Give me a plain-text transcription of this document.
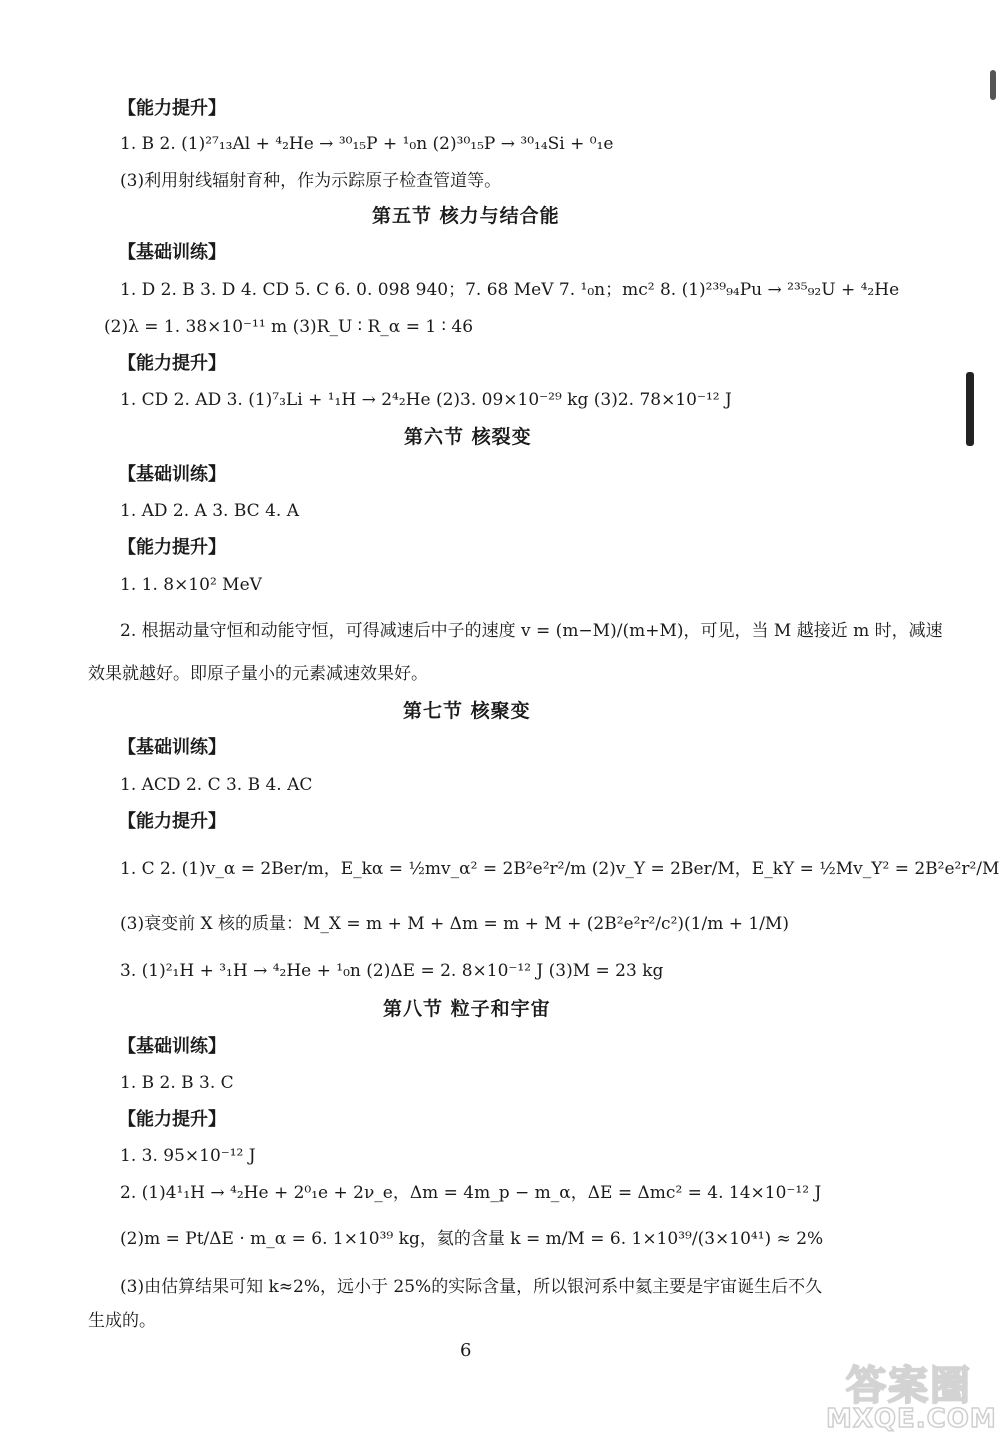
【能力提升】
1. B 2. (1)²⁷₁₃Al + ⁴₂He → ³⁰₁₅P + ¹₀n (2)³⁰₁₅P → ³⁰₁₄Si + ⁰₁e
(3)利用射线辐射育种，作为示踪原子检查管道等。
第五节 核力与结合能
【基础训练】
1. D 2. B 3. D 4. CD 5. C 6. 0. 098 940；7. 68 MeV 7. ¹₀n；mc² 8. (1)²³⁹₉₄Pu → ²³⁵₉₂U + ⁴₂He
(2)λ = 1. 38×10⁻¹¹ m (3)R_U ∶ R_α = 1 ∶ 46
【能力提升】
1. CD 2. AD 3. (1)⁷₃Li + ¹₁H → 2⁴₂He (2)3. 09×10⁻²⁹ kg (3)2. 78×10⁻¹² J
第六节 核裂变
【基础训练】
1. AD 2. A 3. BC 4. A
【能力提升】
1. 1. 8×10² MeV
2. 根据动量守恒和动能守恒，可得减速后中子的速度 v = (m−M)/(m+M)，可见，当 M 越接近 m 时，减速
效果就越好。即原子量小的元素减速效果好。
第七节 核聚变
【基础训练】
1. ACD 2. C 3. B 4. AC
【能力提升】
1. C 2. (1)v_α = 2Ber/m，E_kα = ½mv_α² = 2B²e²r²/m (2)v_Y = 2Ber/M，E_kY = ½Mv_Y² = 2B²e²r²/M
(3)衰变前 X 核的质量：M_X = m + M + Δm = m + M + (2B²e²r²/c²)(1/m + 1/M)
3. (1)²₁H + ³₁H → ⁴₂He + ¹₀n (2)ΔE = 2. 8×10⁻¹² J (3)M = 23 kg
第八节 粒子和宇宙
【基础训练】
1. B 2. B 3. C
【能力提升】
1. 3. 95×10⁻¹² J
2. (1)4¹₁H → ⁴₂He + 2⁰₁e + 2ν_e，Δm = 4m_p − m_α，ΔE = Δmc² = 4. 14×10⁻¹² J
(2)m = Pt/ΔE · m_α = 6. 1×10³⁹ kg，氦的含量 k = m/M = 6. 1×10³⁹/(3×10⁴¹) ≈ 2%
(3)由估算结果可知 k≈2%，远小于 25%的实际含量，所以银河系中氦主要是宇宙诞生后不久
生成的。
6
答案圈
MXQE.COM
